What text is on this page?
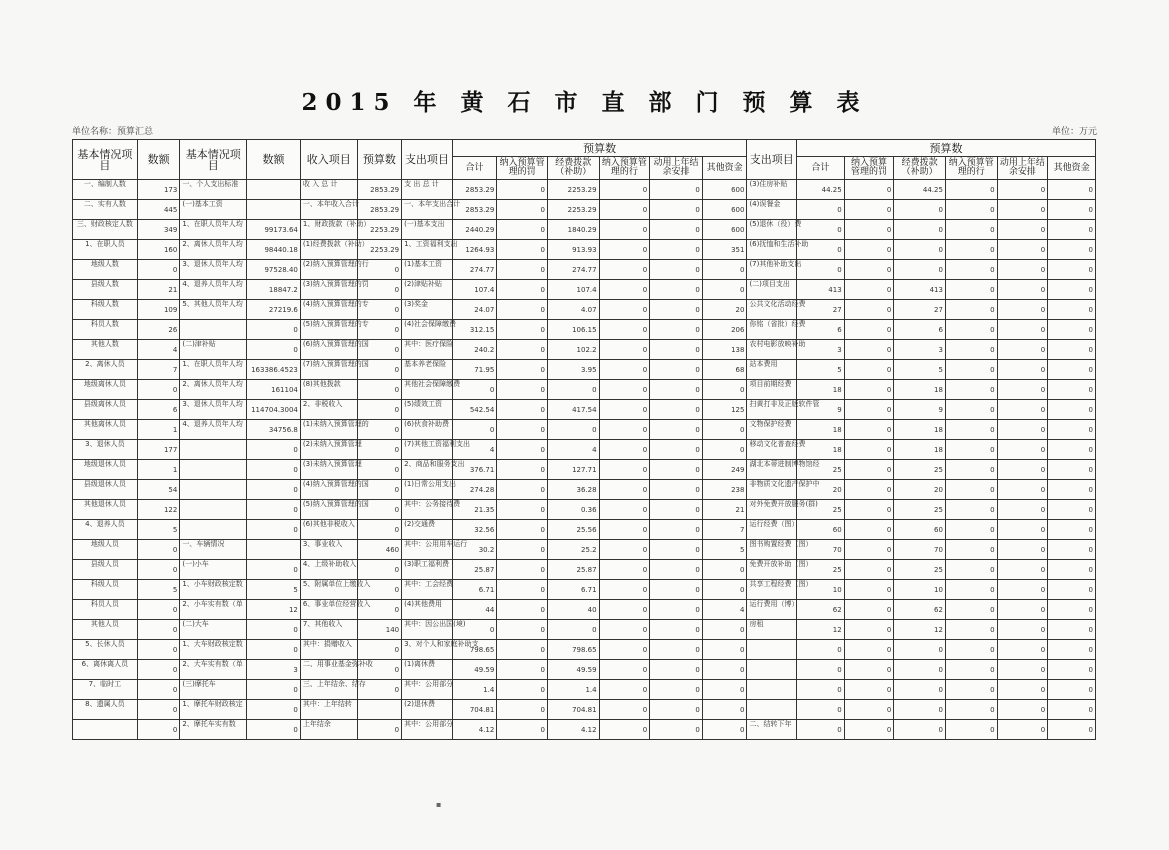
2015 年 黄 石 市 直 部 门 预 算 表
单位名称：预算汇总	单位：万元
基本情况项目	数额	基本情况项目	数额	收入项目	预算数	支出项目	预算数						支出项目	预算数					
							合计	纳入预算管理的罚	经费拨款（补助）	纳入预算管理的行	动用上年结余安排	其他资金		合计	纳入预算管理的罚	经费拨款（补助）	纳入预算管理的行	动用上年结余安排	其他资金
一、编制人数	173	一、个人支出标准		收 入 总 计	2853.29	支 出 总 计	2853.29	0	2253.29	0	0	600	(3)住房补贴	44.25	0	44.25	0	0	0
二、实有人数	445	(一)基本工资		一、本年收入合计	2853.29	一、本年支出合计	2853.29	0	2253.29	0	0	600	(4)误餐金	0	0	0	0	0	0
三、财政核定人数	349	1、在职人员年人均	99173.64	1、财政拨款（补助）	2253.29	(一)基本支出	2440.29	0	1840.29	0	0	600	(5)退休（役）费	0	0	0	0	0	0
1、在职人员	160	2、离休人员年人均	98440.18	(1)经费拨款（补助）	2253.29	1、工资福利支出	1264.93	0	913.93	0	0	351	(6)抚恤和生活补助	0	0	0	0	0	0
地级人数	0	3、退休人员年人均	97528.40	(2)纳入预算管理的行	0	(1)基本工资	274.77	0	274.77	0	0	0	(7)其他补助支出	0	0	0	0	0	0
县级人数	21	4、退养人员年人均	18847.2	(3)纳入预算管理的罚	0	(2)津贴补贴	107.4	0	107.4	0	0	0	(二)项目支出	413	0	413	0	0	0
科级人数	109	5、其他人员年人均	27219.6	(4)纳入预算管理的专	0	(3)奖金	24.07	0	4.07	0	0	20	公共文化活动经费	27	0	27	0	0	0
科员人数	26		0	(5)纳入预算管理的专	0	(4)社会保障缴费	312.15	0	106.15	0	0	206	你铭（省批）经费	6	0	6	0	0	0
其他人数	4	(二)津补贴	0	(6)纳入预算管理的国	0	其中：医疗保险	240.2	0	102.2	0	0	138	农村电影放映补助	3	0	3	0	0	0
2、离休人员	7	1、在职人员年人均	163386.4523	(7)纳入预算管理的国	0	基本养老保险	71.95	0	3.95	0	0	68	站本费用	5	0	5	0	0	0
地级离休人员	0	2、离休人员年人均	161104	(8)其他拨款	0	其他社会保障缴费	0	0	0	0	0	0	项目前期经费	18	0	18	0	0	0
县级离休人员	6	3、退休人员年人均	114704.3004	2、非税收入	0	(5)绩效工资	542.54	0	417.54	0	0	125	扫黄打非及正版软件管	9	0	9	0	0	0
其他离休人员	1	4、退养人员年人均	34756.8	(1)未纳入预算管理的	0	(6)伙食补助费	0	0	0	0	0	0	文物保护经费	18	0	18	0	0	0
3、退休人员	177		0	(2)未纳入预算管理	0	(7)其他工资福利支出	4	0	4	0	0	0	移动文化普查经费	18	0	18	0	0	0
地级退休人员	1		0	(3)未纳入预算管理	0	2、商品和服务支出	376.71	0	127.71	0	0	249	湖北本蒂进制博物馆经	25	0	25	0	0	0
县级退休人员	54		0	(4)纳入预算管理的国	0	(1)日常公用支出	274.28	0	36.28	0	0	238	非物质文化遗产保护中	20	0	20	0	0	0
其他退休人员	122		0	(5)纳入预算管理的国	0	其中：公务接待费	21.35	0	0.36	0	0	21	对外免费开放服务(群)	25	0	25	0	0	0
4、退养人员	5		0	(6)其他非税收入	0	(2)交通费	32.56	0	25.56	0	0	7	运行经费（图）	60	0	60	0	0	0
地级人员	0	一、车辆情况		3、事业收入	460	其中：公用用车运行	30.2	0	25.2	0	0	5	图书购置经费（图）	70	0	70	0	0	0
县级人员	0	(一)小车	0	4、上级补助收入	0	(3)职工福利费	25.87	0	25.87	0	0	0	免费开放补助（图）	25	0	25	0	0	0
科级人员	5	1、小车财政核定数	5	5、附属单位上缴收入	0	其中：工会经费	6.71	0	6.71	0	0	0	共享工程经费（图）	10	0	10	0	0	0
科员人员	0	2、小车实有数（单	12	6、事业单位经营收入	0	(4)其他费用	44	0	40	0	0	4	运行费用（博）	62	0	62	0	0	0
其他人员	0	(二)大车	0	7、其他收入	140	其中：因公出国(境)	0	0	0	0	0	0	房租	12	0	12	0	0	0
5、长休人员	0	1、大车财政核定数	0	其中：捐赠收入	0	3、对个人和家庭补助支	798.65	0	798.65	0	0	0		0	0	0	0	0	0
6、离休离人员	0	2、大车实有数（单	3	二、用事业基金弥补收	0	(1)离休费	49.59	0	49.59	0	0	0		0	0	0	0	0	0
7、临时工	0	(三)摩托车	0	三、上年结余、结存	0	其中：公用部分	1.4	0	1.4	0	0	0		0	0	0	0	0	0
8、遗属人员	0	1、摩托车财政核定	0	其中：上年结转		(2)退休费	704.81	0	704.81	0	0	0		0	0	0	0	0	0
	0	2、摩托车实有数	0	上年结余	0	其中：公用部分	4.12	0	4.12	0	0	0	二、结转下年	0	0	0	0	0	0
▪
